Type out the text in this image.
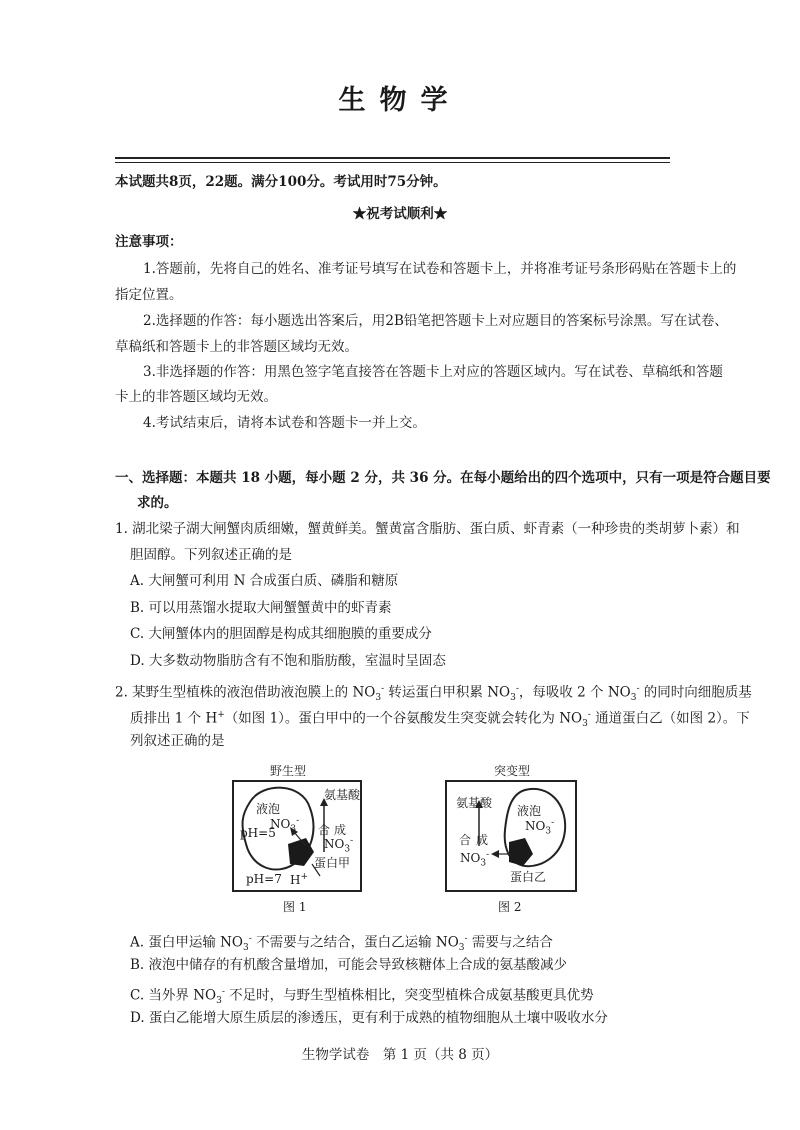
生物学
本试题共8页，22题。满分100分。考试用时75分钟。
★祝考试顺利★
注意事项：
1.答题前，先将自己的姓名、准考证号填写在试卷和答题卡上，并将准考证号条形码贴在答题卡上的
指定位置。
2.选择题的作答：每小题选出答案后，用2B铅笔把答题卡上对应题目的答案标号涂黑。写在试卷、
草稿纸和答题卡上的非答题区域均无效。
3.非选择题的作答：用黑色签字笔直接答在答题卡上对应的答题区域内。写在试卷、草稿纸和答题
卡上的非答题区域均无效。
4.考试结束后，请将本试卷和答题卡一并上交。
一、选择题：本题共 18 小题，每小题 2 分，共 36 分。在每小题给出的四个选项中，只有一项是符合题目要
求的。
1. 湖北梁子湖大闸蟹肉质细嫩，蟹黄鲜美。蟹黄富含脂肪、蛋白质、虾青素（一种珍贵的类胡萝卜素）和
胆固醇。下列叙述正确的是
A. 大闸蟹可利用 N 合成蛋白质、磷脂和糖原
B. 可以用蒸馏水提取大闸蟹蟹黄中的虾青素
C. 大闸蟹体内的胆固醇是构成其细胞膜的重要成分
D. 大多数动物脂肪含有不饱和脂肪酸，室温时呈固态
2. 某野生型植株的液泡借助液泡膜上的 $NO_3^-$ 转运蛋白甲积累 $NO_3^-$，每吸收 2 个 $NO_3^-$ 的同时向细胞质基
质排出 1 个 H+（如图 1）。蛋白甲中的一个谷氨酸发生突变就会转化为 $NO_3^-$ 通道蛋白乙（如图 2）。下
列叙述正确的是
野生型
液泡
$NO_3^-$
pH=5
氨基酸
合 成
$NO_3^-$
蛋白甲
pH=7 H+
图 1
突变型
氨基酸
液泡
$NO_3^-$
合 成
$NO_3^-$
蛋白乙
图 2
A. 蛋白甲运输 $NO_3^-$ 不需要与之结合，蛋白乙运输 $NO_3^-$ 需要与之结合
B. 液泡中储存的有机酸含量增加，可能会导致核糖体上合成的氨基酸减少
C. 当外界 $NO_3^-$ 不足时，与野生型植株相比，突变型植株合成氨基酸更具优势
D. 蛋白乙能增大原生质层的渗透压，更有利于成熟的植物细胞从土壤中吸收水分
生物学试卷　第 1 页（共 8 页）
